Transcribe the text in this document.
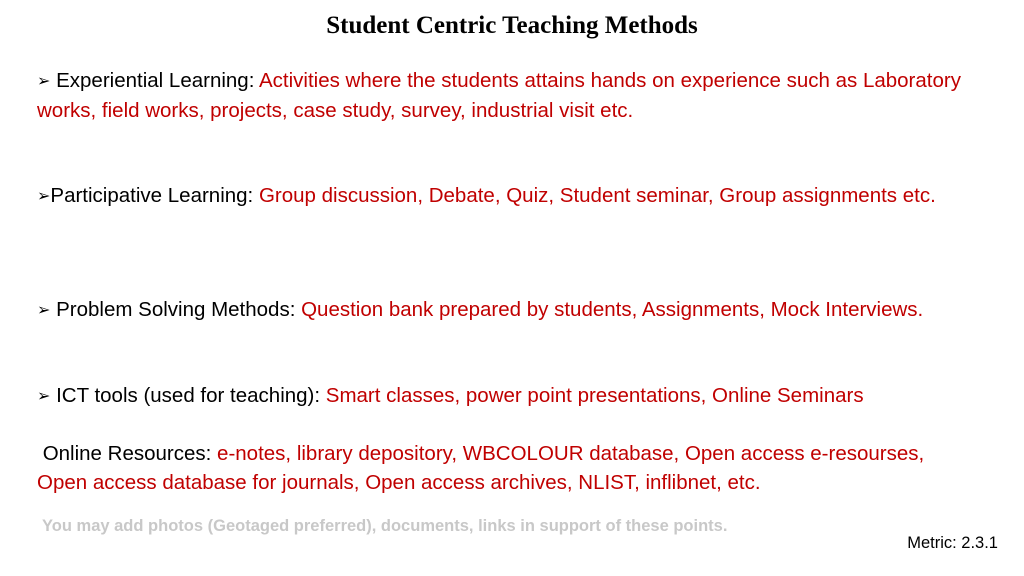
Student Centric Teaching Methods
➢ Experiential Learning: Activities where the students attains hands on experience such as Laboratory works, field works, projects, case study, survey, industrial visit etc.
➢Participative Learning: Group discussion, Debate, Quiz, Student seminar, Group assignments etc.
➢ Problem Solving Methods: Question bank prepared by students, Assignments, Mock Interviews.
➢ ICT tools (used for teaching): Smart classes, power point presentations, Online Seminars
Online Resources: e-notes, library depository, WBCOLOUR database, Open access e-resourses, Open access database for journals, Open access archives, NLIST, inflibnet, etc.
You may add photos (Geotaged preferred), documents, links in support of these points.
Metric: 2.3.1
